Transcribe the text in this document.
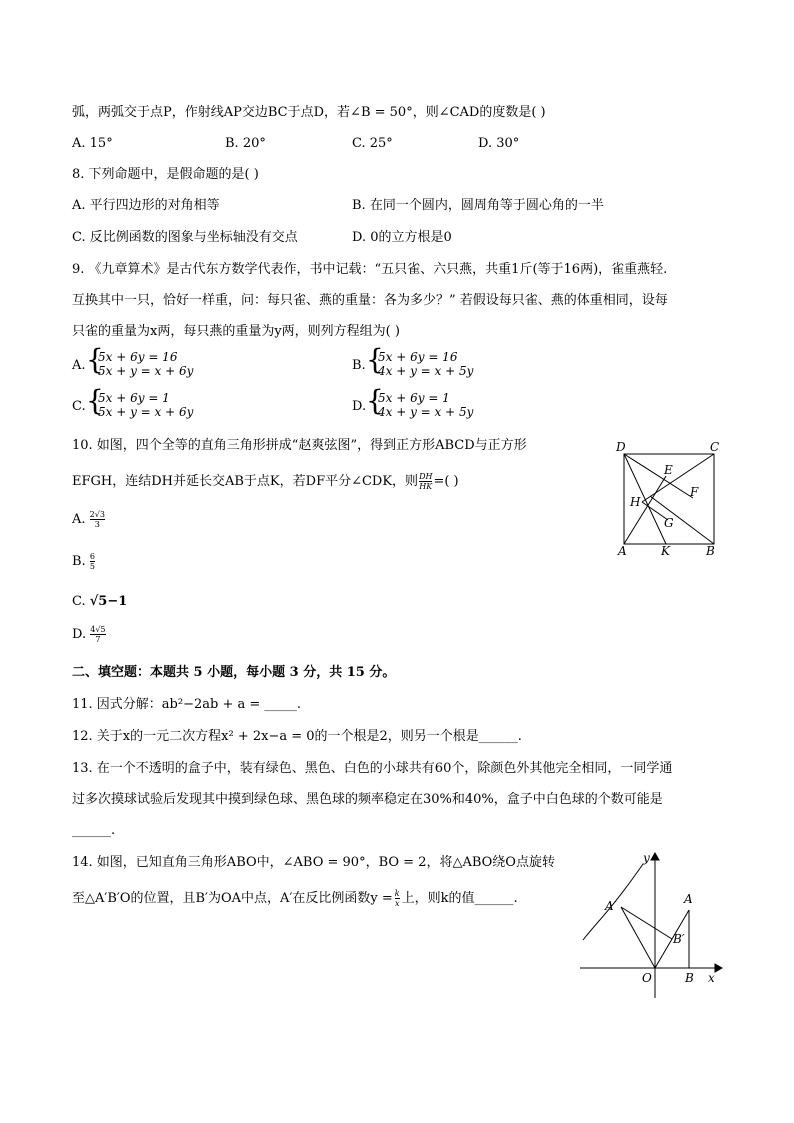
弧，两弧交于点P，作射线AP交边BC于点D，若∠B = 50°，则∠CAD的度数是( )
A. 15°	B. 20°	C. 25°	D. 30°
8. 下列命题中，是假命题的是( )
A. 平行四边形的对角相等	B. 在同一个圆内，圆周角等于圆心角的一半
C. 反比例函数的图象与坐标轴没有交点	D. 0的立方根是0
9. 《九章算术》是古代东方数学代表作，书中记载：“五只雀、六只燕，共重1斤(等于16两)，雀重燕轻.
互换其中一只，恰好一样重，问：每只雀、燕的重量：各为多少？” 若假设每只雀、燕的体重相同，设每
只雀的重量为x两，每只燕的重量为y两，则列方程组为( )
A. {
5x + 6y = 16
5x + y = x + 6y	B. {
5x + 6y = 16
4x + y = x + 5y
C. {
5x + 6y = 1
5x + y = x + 6y	D. {
5x + 6y = 1
4x + y = x + 5y
10. 如图，四个全等的直角三角形拼成“赵爽弦图”，得到正方形ABCD与正方形
EFGH，连结DH并延长交AB于点K，若DF平分∠CDK，则 $\frac{DH}{HK}$ =( )
A. $\frac{2√3}{3}$
B. $\frac{6}{5}$
C. √5−1
D. $\frac{4√5}{7}$
D	C
E
F
H
G
A	K	B
二、填空题：本题共 5 小题，每小题 3 分，共 15 分。
11. 因式分解：ab²−2ab + a = _____.
12. 关于x的一元二次方程x² + 2x−a = 0的一个根是2，则另一个根是______.
13. 在一个不透明的盒子中，装有绿色、黑色、白色的小球共有60个，除颜色外其他完全相同，一同学通
过多次摸球试验后发现其中摸到绿色球、黑色球的频率稳定在30%和40%，盒子中白色球的个数可能是
______.
14. 如图，已知直角三角形ABO中，∠ABO = 90°，BO = 2，将△ABO绕O点旋转
至△A′B′O的位置，且B′为OA中点，A′在反比例函数$y = \frac{k}{x}$ 上，则k的值______.
y
x
A′	A
B′
O	B
